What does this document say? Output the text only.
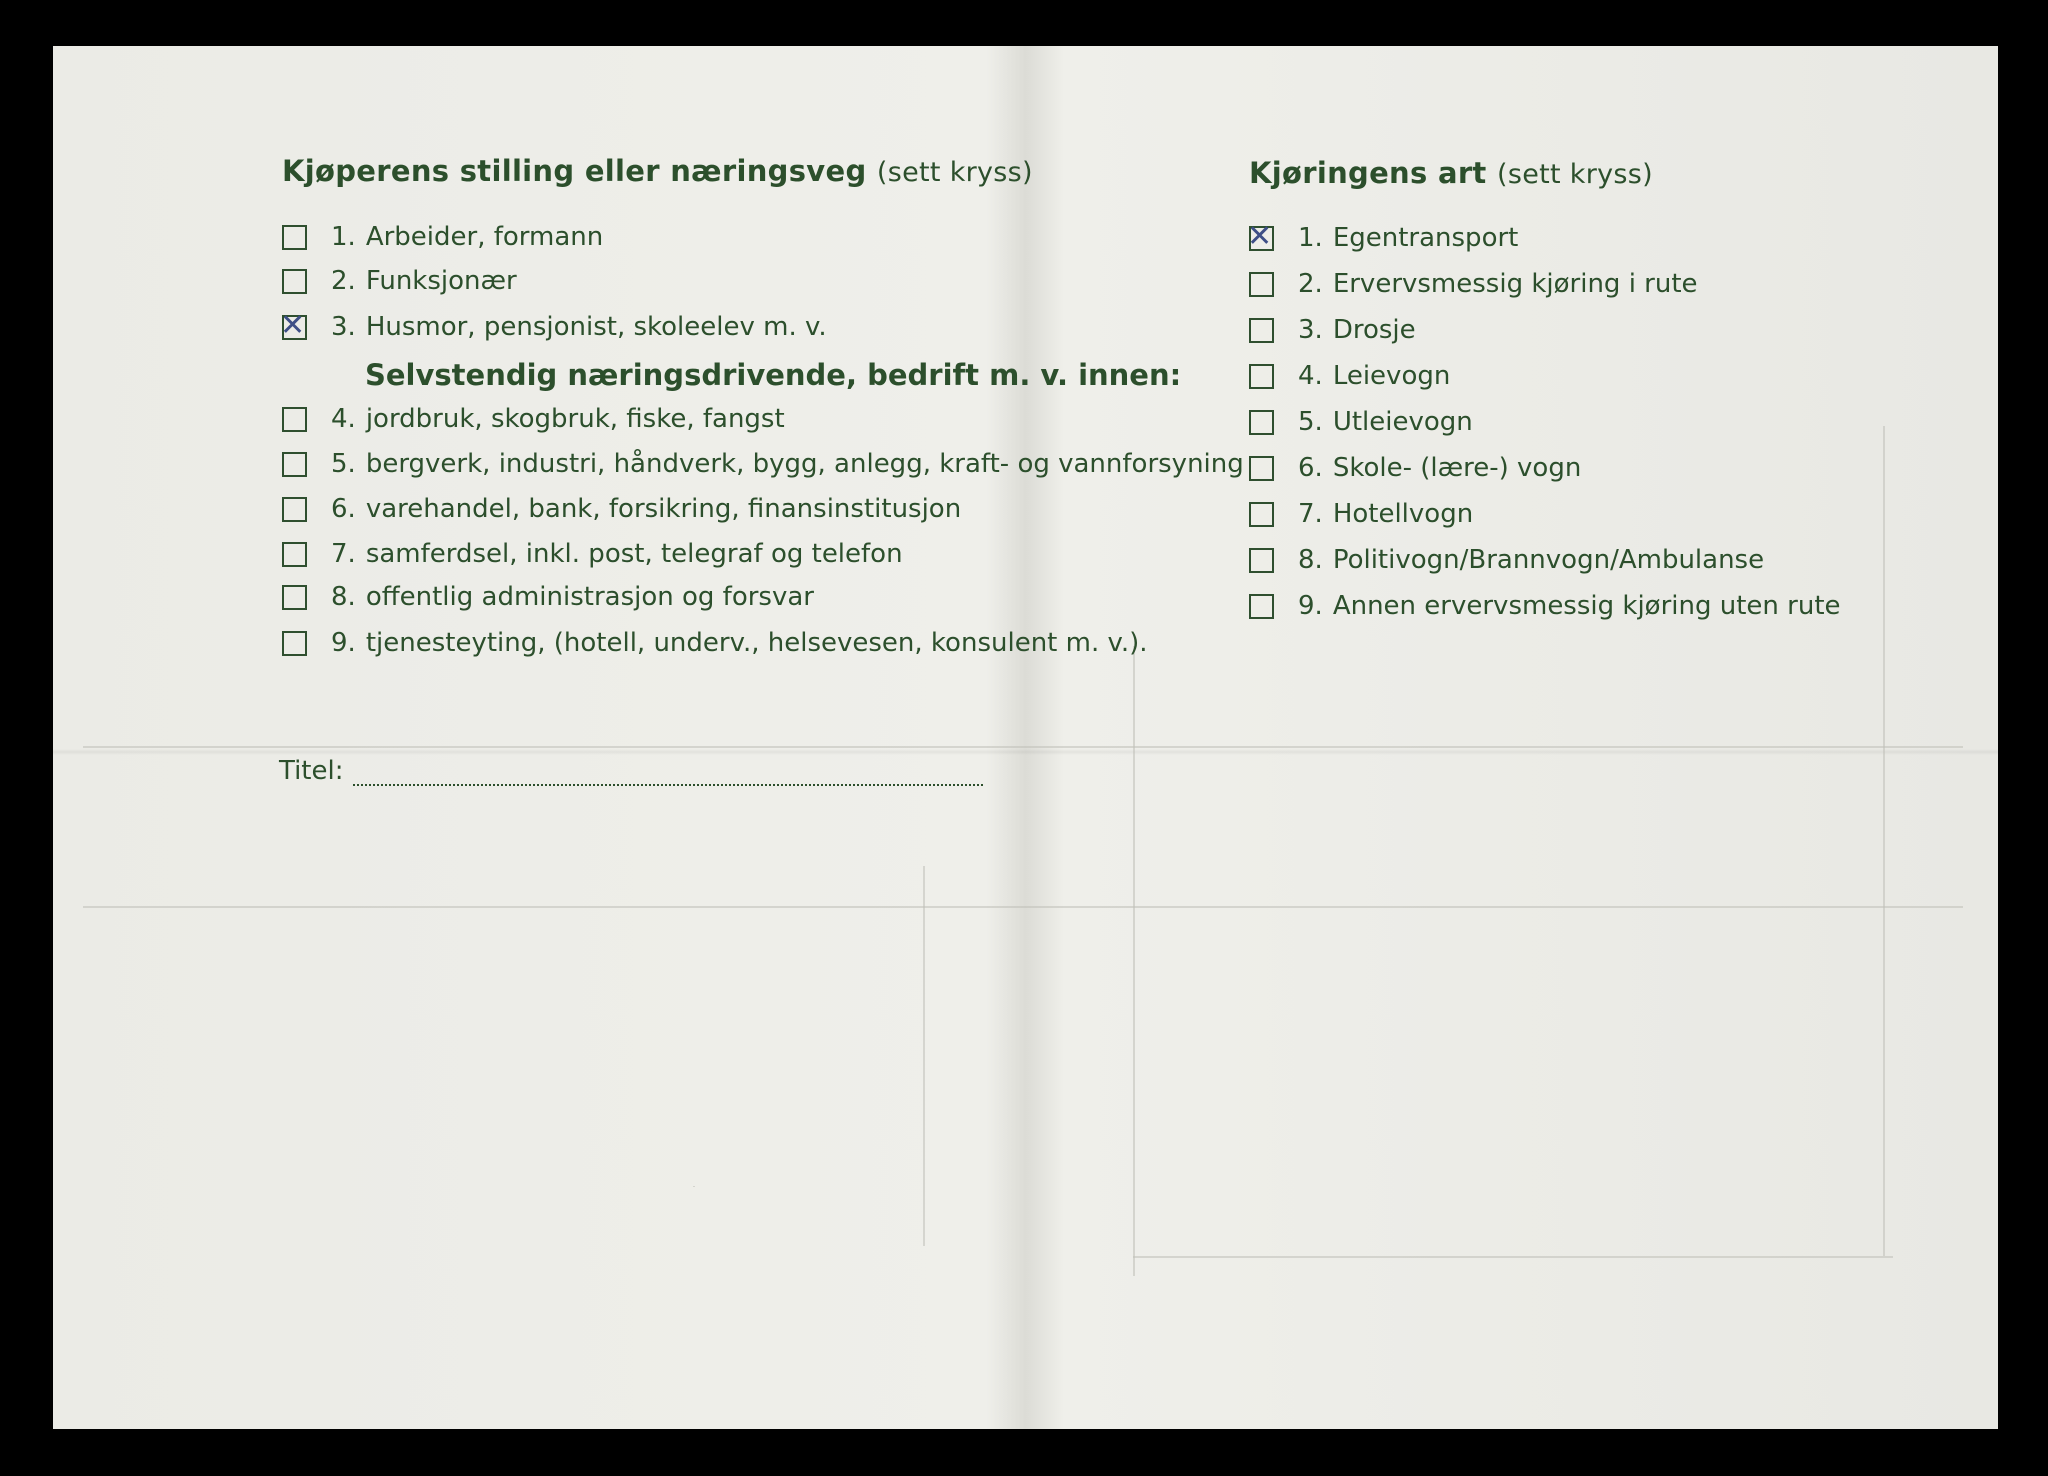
Kjøperens stilling eller næringsveg (sett kryss)
1. Arbeider, formann
2. Funksjonær
✕ 3. Husmor, pensjonist, skoleelev m. v.
Selvstendig næringsdrivende, bedrift m. v. innen:
4. jordbruk, skogbruk, fiske, fangst
5. bergverk, industri, håndverk, bygg, anlegg, kraft- og vannforsyning
6. varehandel, bank, forsikring, finansinstitusjon
7. samferdsel, inkl. post, telegraf og telefon
8. offentlig administrasjon og forsvar
9. tjenesteyting, (hotell, underv., helsevesen, konsulent m. v.).
Titel:
Kjøringens art (sett kryss)
✕ 1. Egentransport
2. Ervervsmessig kjøring i rute
3. Drosje
4. Leievogn
5. Utleievogn
6. Skole- (lære-) vogn
7. Hotellvogn
8. Politivogn/Brannvogn/Ambulanse
9. Annen ervervsmessig kjøring uten rute
